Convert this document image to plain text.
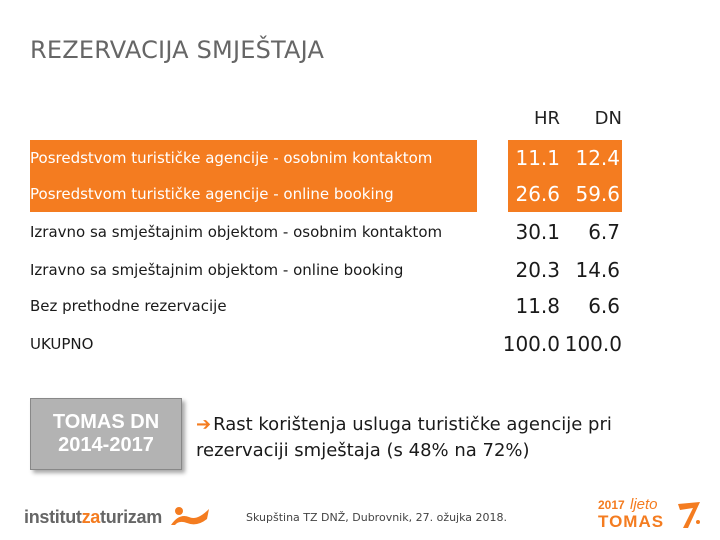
REZERVACIJA SMJEŠTAJA
HR	DN
Posredstvom turističke agencije - osobnim kontaktom	11.1 12.4
Posredstvom turističke agencije - online booking	26.6 59.6
Izravno sa smještajnim objektom - osobnim kontaktom	30.1	6.7
Izravno sa smještajnim objektom - online booking	20.3 14.6
Bez prethodne rezervacije	11.8	6.6
UKUPNO	100.0 100.0
TOMAS DN
2014-2017
➔ Rast korištenja usluga turističke agencije pri rezervaciji smještaja (s 48% na 72%)
institutzaturizam	Skupština TZ DNŽ, Dubrovnik, 27. ožujka 2018.
2017 ljeto
TOMAS
